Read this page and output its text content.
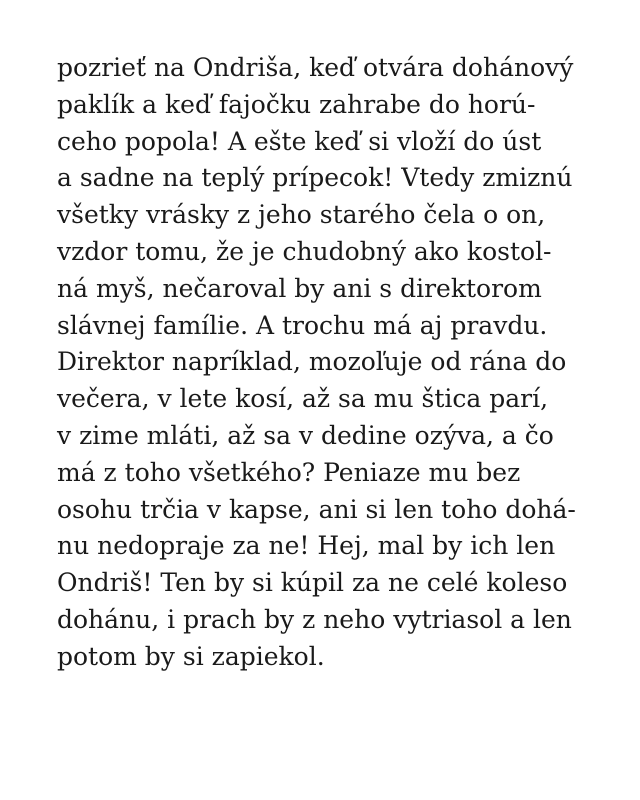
pozrieť na Ondriša, keď otvára dohánový
paklík a keď fajočku zahrabe do horú-
ceho popola! A ešte keď si vloží do úst
a sadne na teplý prípecok! Vtedy zmiznú
všetky vrásky z jeho starého čela o on,
vzdor tomu, že je chudobný ako kostol-
ná myš, nečaroval by ani s direktorom
slávnej famílie. A trochu má aj pravdu.
Direktor napríklad, mozoľuje od rána do
večera, v lete kosí, až sa mu štica parí,
v zime mláti, až sa v dedine ozýva, a čo
má z toho všetkého? Peniaze mu bez
osohu trčia v kapse, ani si len toho dohá-
nu nedopraje za ne! Hej, mal by ich len
Ondriš! Ten by si kúpil za ne celé koleso
dohánu, i prach by z neho vytriasol a len
potom by si zapiekol.
